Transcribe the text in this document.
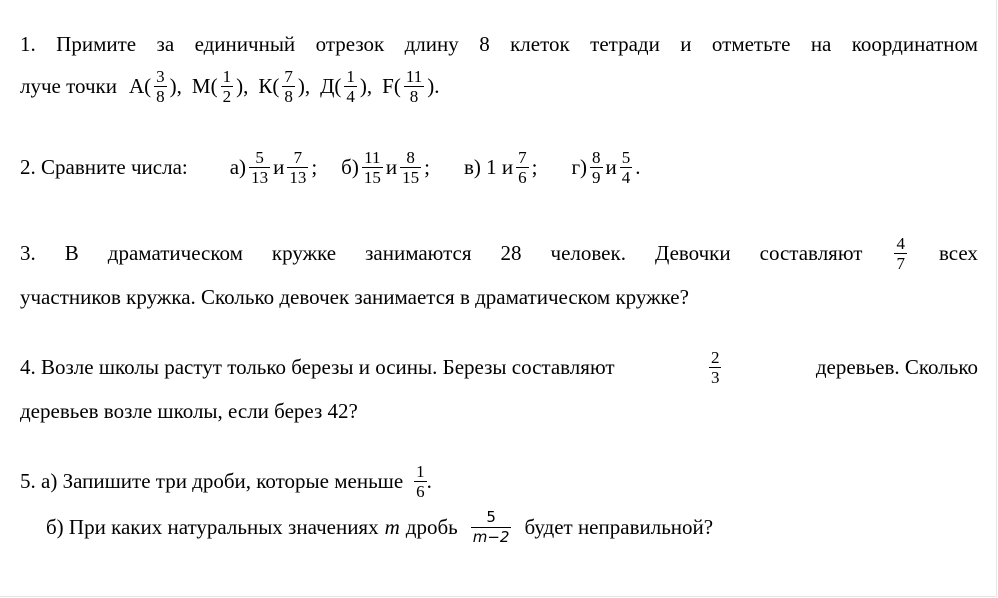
1. Примите за единичный отрезок длину 8 клеток тетради и отметьте на координатном
луче точки $А( \frac{3}{8}$ ), $М( \frac{1}{2}$ ), $К( \frac{7}{8}$ ), $Д( \frac{1}{4}$ ), $F( \frac{11}{8}$ ).
2. Сравните числа: $а) \frac{5}{13}$ и $\frac{7}{13}$ ; $б) \frac{11}{15}$ и $\frac{8}{15}$ ; в) 1 и $\frac{7}{6}$ ; $г) \frac{8}{9}$ и $\frac{5}{4}$ .
3. В драматическом кружке занимаются 28 человек. Девочки составляют $\frac{4}{7}$ всех
участников кружка. Сколько девочек занимается в драматическом кружке?
4. Возле школы растут только березы и осины. Березы составляют	$\frac{2}{3}$	деревьев. Сколько
деревьев возле школы, если берез 42?
5. а) Запишите три дроби, которые меньше $\frac{1}{6}$ .
б) При каких натуральных значениях m дробь $\frac{5}{m-2}$ будет неправильной?
